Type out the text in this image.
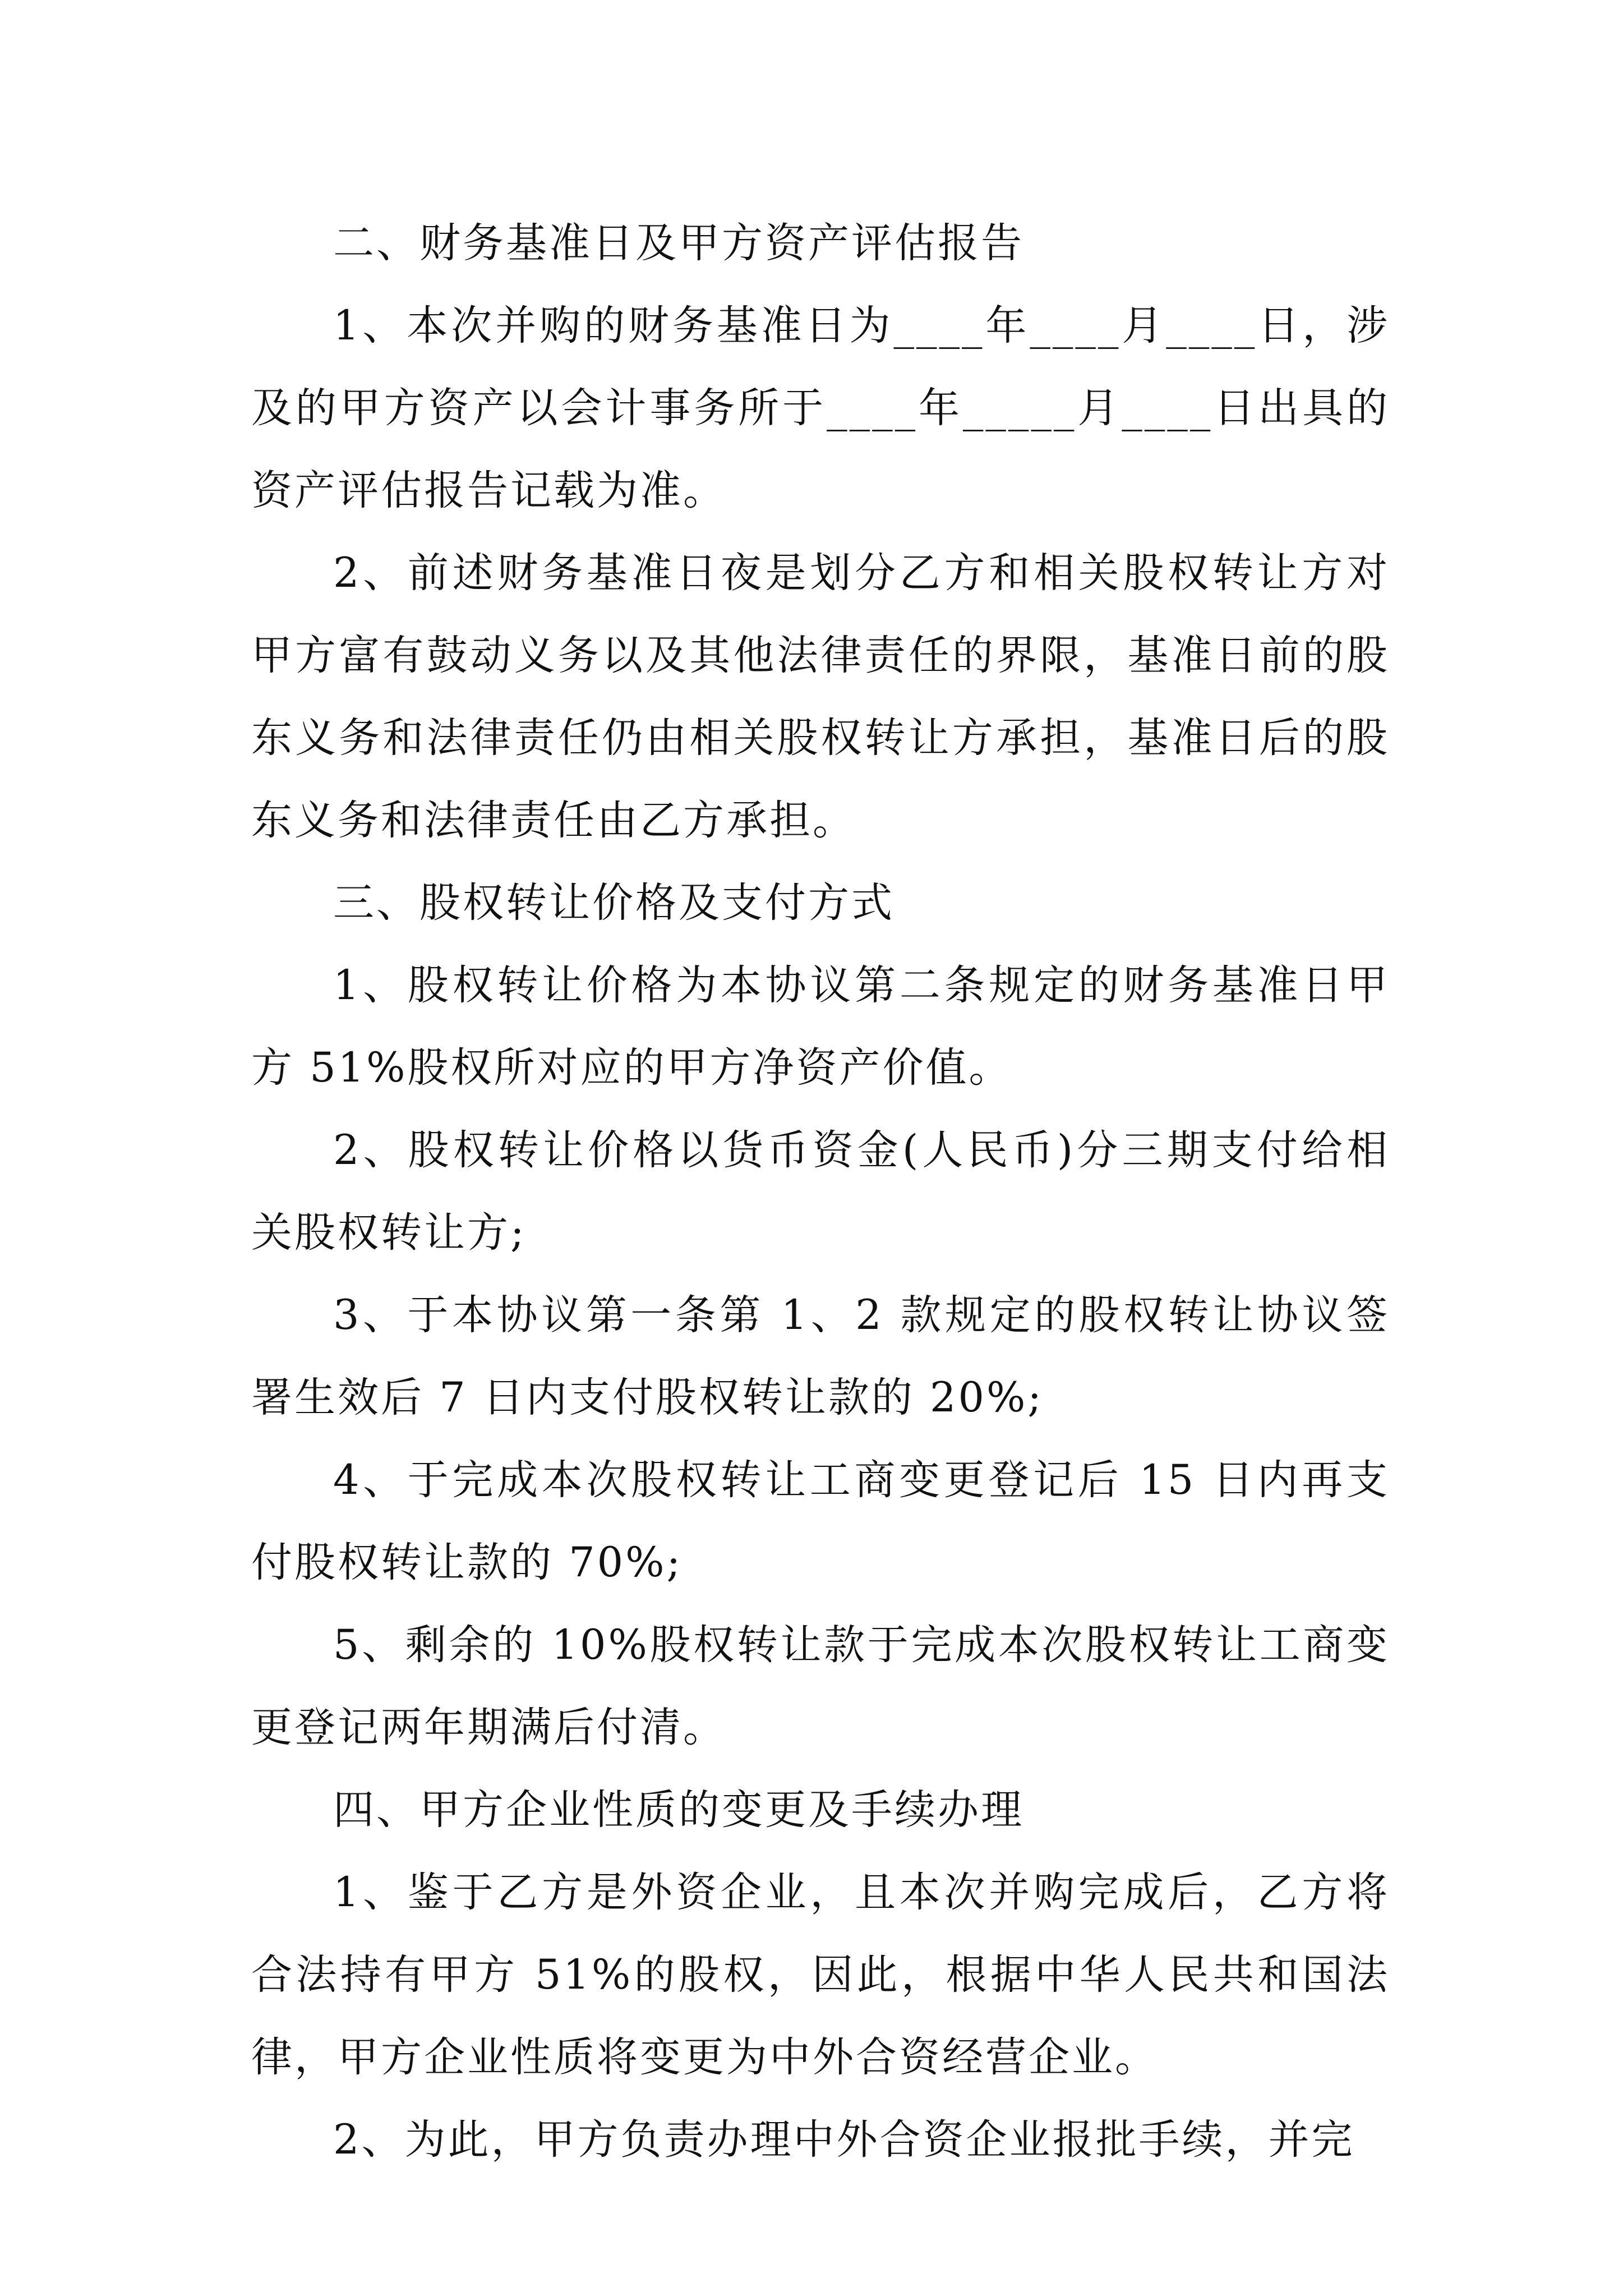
二、财务基准日及甲方资产评估报告

1、本次并购的财务基准日为____年____月____日，涉及的甲方资产以会计事务所于____年_____月____日出具的资产评估报告记载为准。

2、前述财务基准日夜是划分乙方和相关股权转让方对甲方富有鼓动义务以及其他法律责任的界限，基准日前的股东义务和法律责任仍由相关股权转让方承担，基准日后的股东义务和法律责任由乙方承担。

三、股权转让价格及支付方式

1、股权转让价格为本协议第二条规定的财务基准日甲方 51%股权所对应的甲方净资产价值。

2、股权转让价格以货币资金(人民币)分三期支付给相关股权转让方;

3、于本协议第一条第 1、2 款规定的股权转让协议签署生效后 7 日内支付股权转让款的 20%;

4、于完成本次股权转让工商变更登记后 15 日内再支付股权转让款的 70%;

5、剩余的 10%股权转让款于完成本次股权转让工商变更登记两年期满后付清。

四、甲方企业性质的变更及手续办理

1、鉴于乙方是外资企业，且本次并购完成后，乙方将合法持有甲方 51%的股权，因此，根据中华人民共和国法律，甲方企业性质将变更为中外合资经营企业。

2、为此，甲方负责办理中外合资企业报批手续，并完
